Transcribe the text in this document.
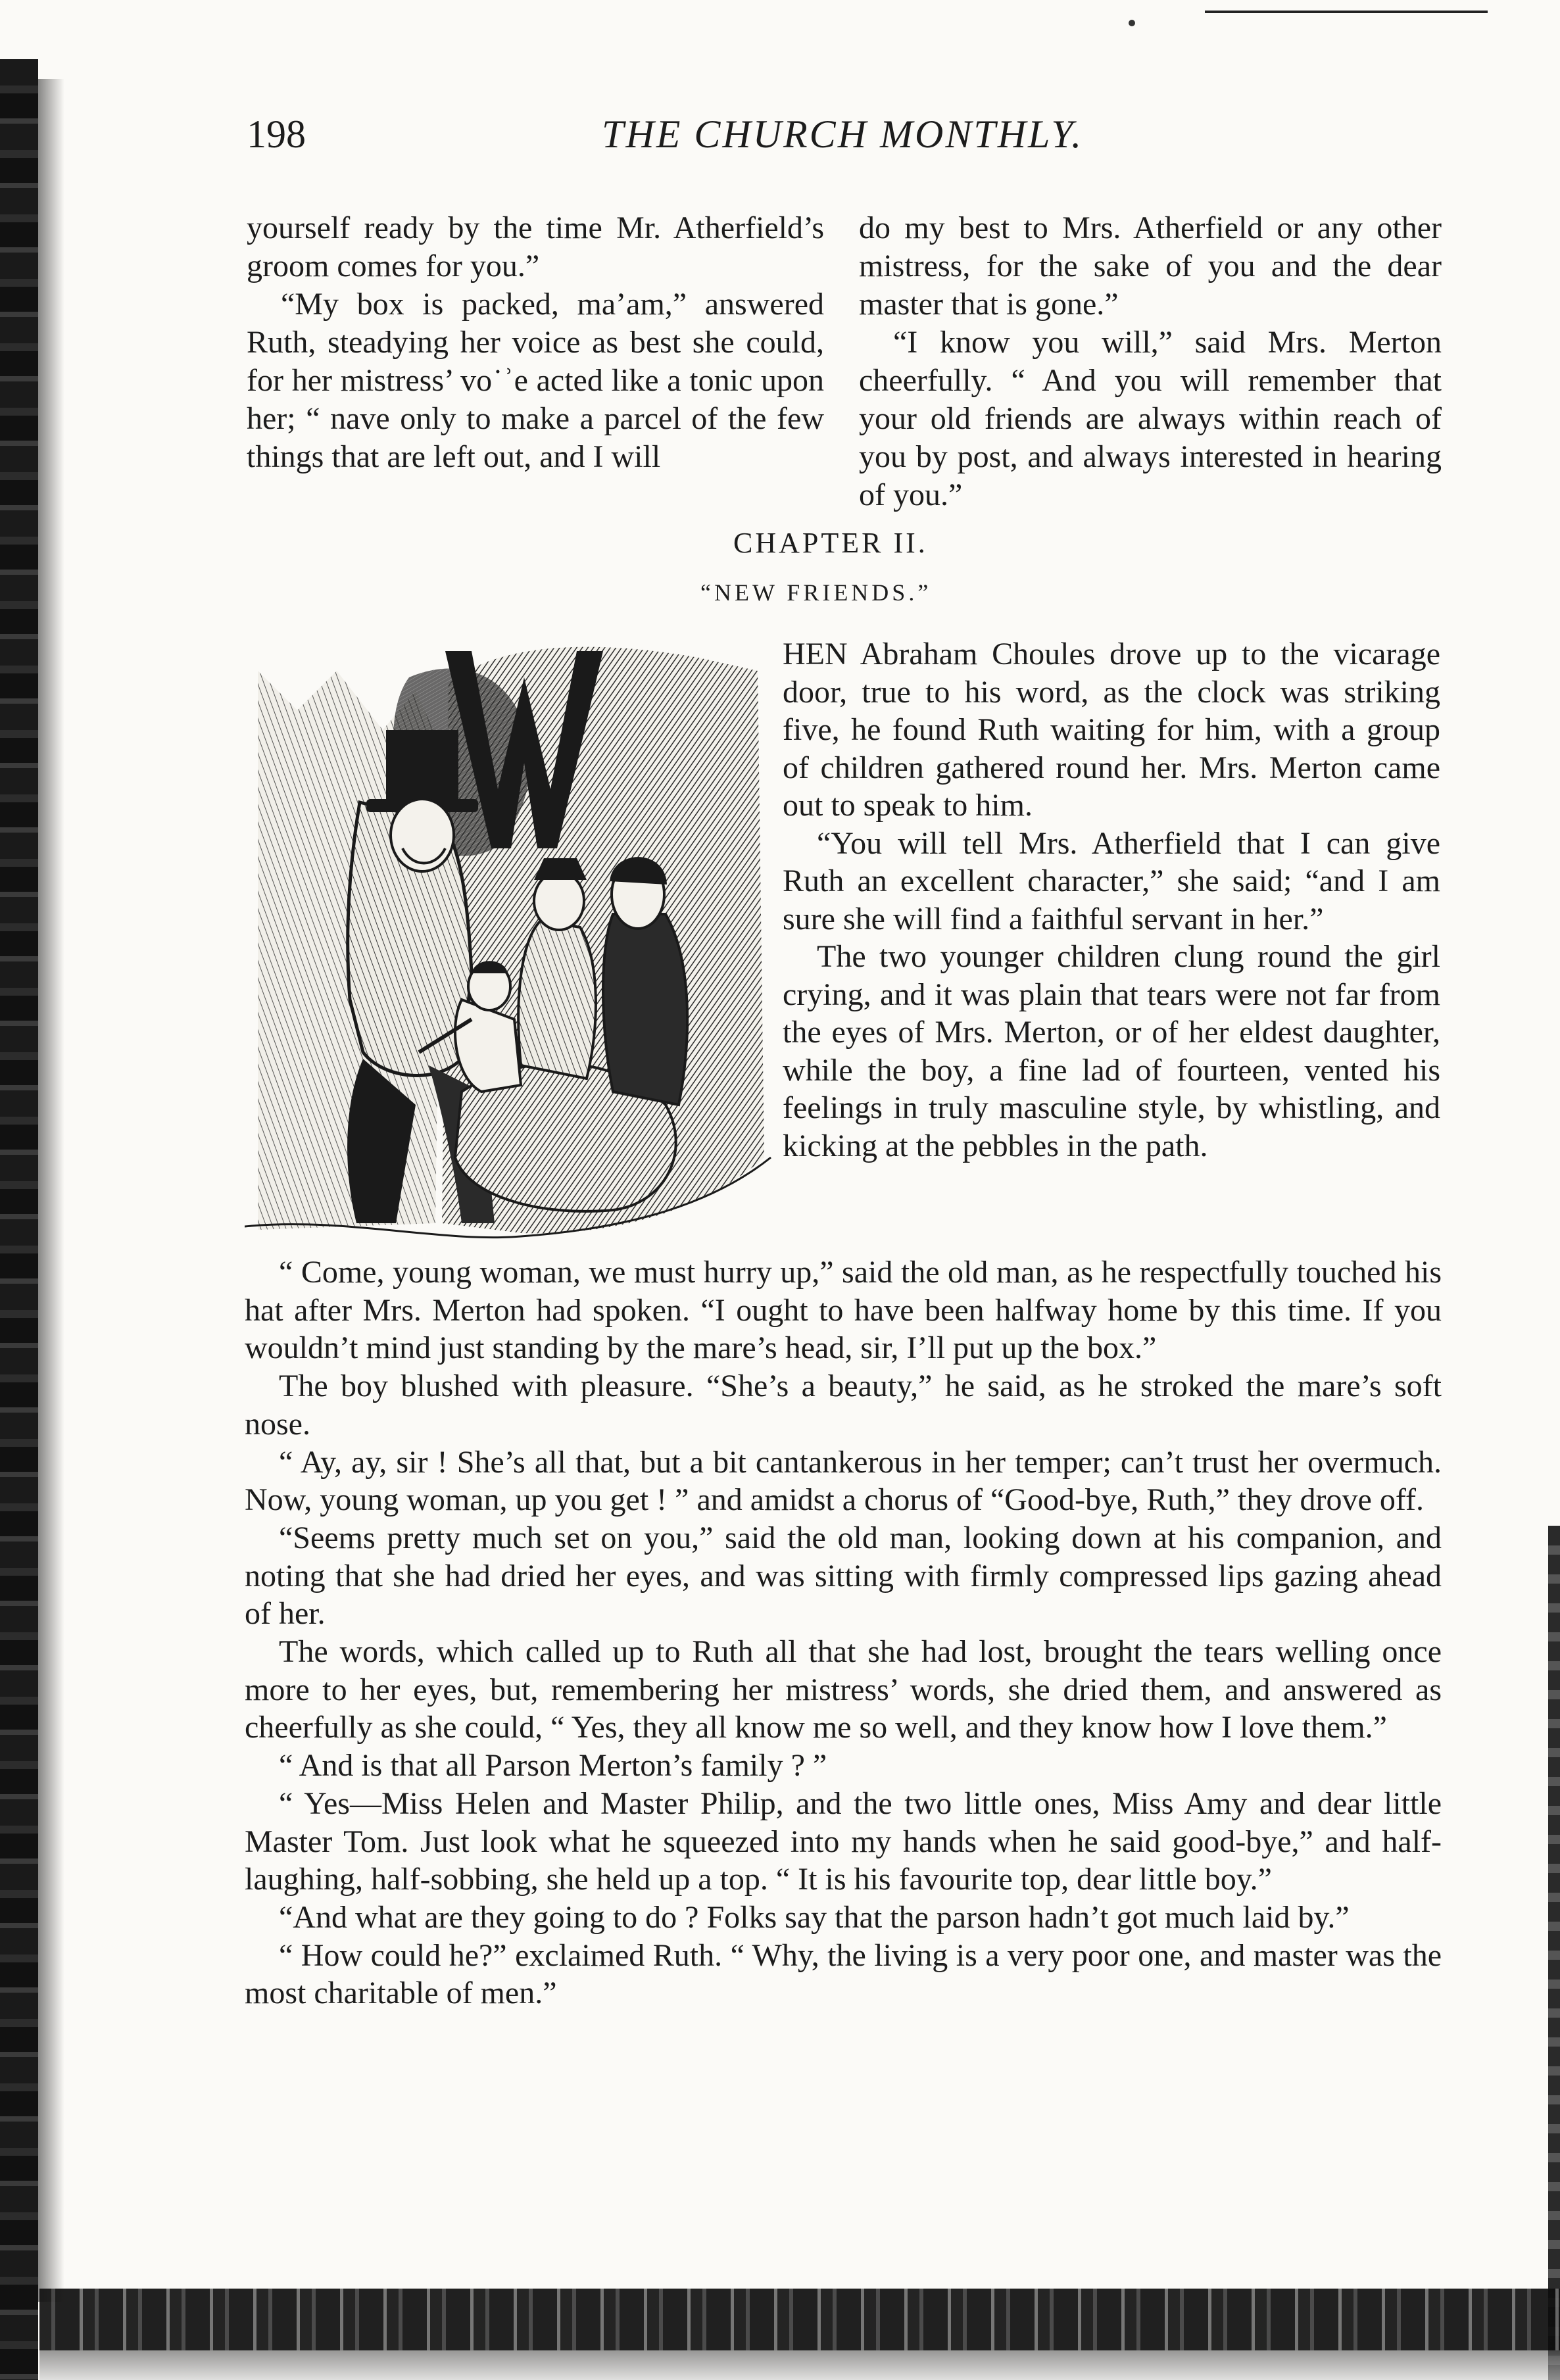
198	THE CHURCH MONTHLY.

yourself ready by the time Mr. Atherfield’s groom comes for you.”

“My box is packed, ma’am,” answered Ruth, steadying her voice as best she could, for her mistress’ vo˙ʾe acted like a tonic upon her; “ nave only to make a parcel of the few things that are left out, and I will

do my best to Mrs. Atherfield or any other mistress, for the sake of you and the dear master that is gone.”

“I know you will,” said Mrs. Merton cheerfully. “ And you will remember that your old friends are always within reach of you by post, and always interested in hearing of you.”

CHAPTER II.
“NEW FRIENDS.”
W

HEN Abraham Choules drove up to the vicarage door, true to his word, as the clock was striking five, he found Ruth waiting for him, with a group of children gathered round her. Mrs. Merton came out to speak to him.

“You will tell Mrs. Atherfield that I can give Ruth an excellent character,” she said; “and I am sure she will find a faithful servant in her.”

The two younger children clung round the girl crying, and it was plain that tears were not far from the eyes of Mrs. Merton, or of her eldest daughter, while the boy, a fine lad of fourteen, vented his feelings in truly masculine style, by whistling, and kicking at the pebbles in the path.

“ Come, young woman, we must hurry up,” said the old man, as he respectfully touched his hat after Mrs. Merton had spoken. “I ought to have been halfway home by this time. If you wouldn’t mind just standing by the mare’s head, sir, I’ll put up the box.”

The boy blushed with pleasure. “She’s a beauty,” he said, as he stroked the mare’s soft nose.

“ Ay, ay, sir ! She’s all that, but a bit cantankerous in her temper; can’t trust her overmuch. Now, young woman, up you get ! ” and amidst a chorus of “Good-bye, Ruth,” they drove off.

“Seems pretty much set on you,” said the old man, looking down at his companion, and noting that she had dried her eyes, and was sitting with firmly compressed lips gazing ahead of her.

The words, which called up to Ruth all that she had lost, brought the tears welling once more to her eyes, but, remembering her mistress’ words, she dried them, and answered as cheerfully as she could, “ Yes, they all know me so well, and they know how I love them.”

“ And is that all Parson Merton’s family ? ”

“ Yes—Miss Helen and Master Philip, and the two little ones, Miss Amy and dear little Master Tom. Just look what he squeezed into my hands when he said good-bye,” and half-laughing, half-sobbing, she held up a top. “ It is his favourite top, dear little boy.”

“And what are they going to do ? Folks say that the parson hadn’t got much laid by.”

“ How could he?” exclaimed Ruth. “ Why, the living is a very poor one, and master was the most charitable of men.”
